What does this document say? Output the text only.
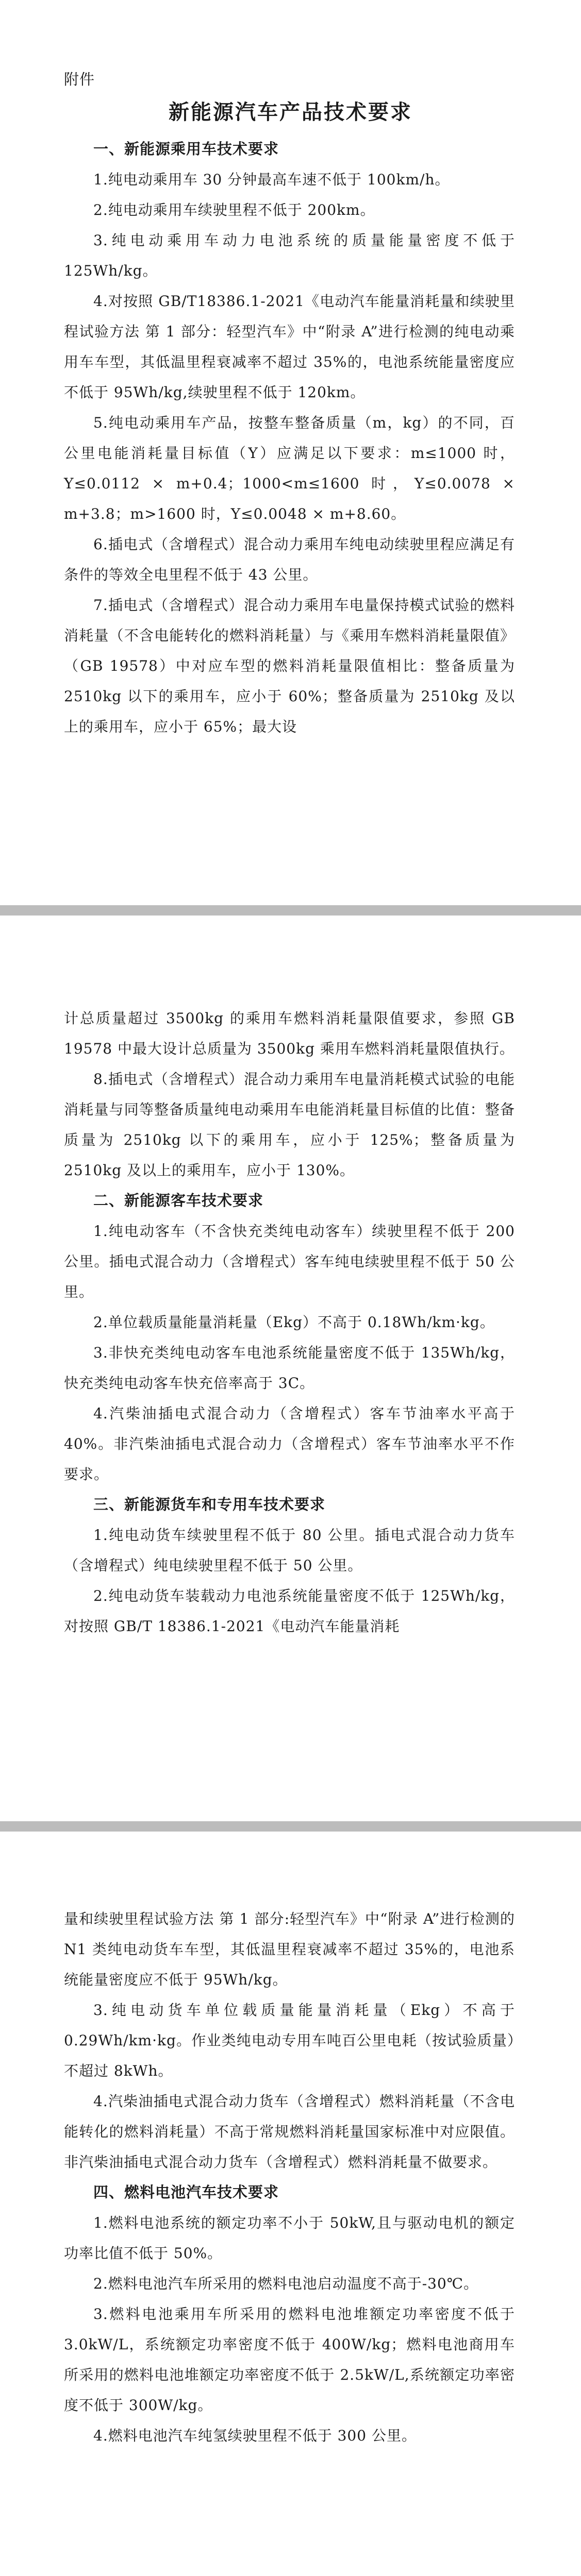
附件
新能源汽车产品技术要求

一、新能源乘用车技术要求

1.纯电动乘用车 30 分钟最高车速不低于 100km/h。

2.纯电动乘用车续驶里程不低于 200km。

3.纯电动乘用车动力电池系统的质量能量密度不低于 125Wh/kg。

4.对按照 GB/T18386.1-2021《电动汽车能量消耗量和续驶里程试验方法 第 1 部分：轻型汽车》中“附录 A”进行检测的纯电动乘用车车型，其低温里程衰减率不超过 35%的，电池系统能量密度应不低于 95Wh/kg,续驶里程不低于 120km。

5.纯电动乘用车产品，按整车整备质量（m，kg）的不同，百公里电能消耗量目标值（Y）应满足以下要求：m≤1000 时，Y≤0.0112 × m+0.4；1000<m≤1600 时，Y≤0.0078 × m+3.8；m>1600 时，Y≤0.0048 × m+8.60。

6.插电式（含增程式）混合动力乘用车纯电动续驶里程应满足有条件的等效全电里程不低于 43 公里。

7.插电式（含增程式）混合动力乘用车电量保持模式试验的燃料消耗量（不含电能转化的燃料消耗量）与《乘用车燃料消耗量限值》（GB 19578）中对应车型的燃料消耗量限值相比：整备质量为 2510kg 以下的乘用车，应小于 60%；整备质量为 2510kg 及以上的乘用车，应小于 65%；最大设

计总质量超过 3500kg 的乘用车燃料消耗量限值要求，参照 GB 19578 中最大设计总质量为 3500kg 乘用车燃料消耗量限值执行。

8.插电式（含增程式）混合动力乘用车电量消耗模式试验的电能消耗量与同等整备质量纯电动乘用车电能消耗量目标值的比值：整备质量为 2510kg 以下的乘用车，应小于 125%；整备质量为 2510kg 及以上的乘用车，应小于 130%。

二、新能源客车技术要求

1.纯电动客车（不含快充类纯电动客车）续驶里程不低于 200 公里。插电式混合动力（含增程式）客车纯电续驶里程不低于 50 公里。

2.单位载质量能量消耗量（Ekg）不高于 0.18Wh/km·kg。

3.非快充类纯电动客车电池系统能量密度不低于 135Wh/kg，快充类纯电动客车快充倍率高于 3C。

4.汽柴油插电式混合动力（含增程式）客车节油率水平高于 40%。非汽柴油插电式混合动力（含增程式）客车节油率水平不作要求。

三、新能源货车和专用车技术要求

1.纯电动货车续驶里程不低于 80 公里。插电式混合动力货车（含增程式）纯电续驶里程不低于 50 公里。

2.纯电动货车装载动力电池系统能量密度不低于 125Wh/kg，对按照 GB/T 18386.1-2021《电动汽车能量消耗

量和续驶里程试验方法 第 1 部分:轻型汽车》中“附录 A”进行检测的 N1 类纯电动货车车型，其低温里程衰减率不超过 35%的，电池系统能量密度应不低于 95Wh/kg。

3.纯电动货车单位载质量能量消耗量（Ekg）不高于 0.29Wh/km·kg。作业类纯电动专用车吨百公里电耗（按试验质量）不超过 8kWh。

4.汽柴油插电式混合动力货车（含增程式）燃料消耗量（不含电能转化的燃料消耗量）不高于常规燃料消耗量国家标准中对应限值。非汽柴油插电式混合动力货车（含增程式）燃料消耗量不做要求。

四、燃料电池汽车技术要求

1.燃料电池系统的额定功率不小于 50kW,且与驱动电机的额定功率比值不低于 50%。

2.燃料电池汽车所采用的燃料电池启动温度不高于-30℃。

3.燃料电池乘用车所采用的燃料电池堆额定功率密度不低于 3.0kW/L，系统额定功率密度不低于 400W/kg；燃料电池商用车所采用的燃料电池堆额定功率密度不低于 2.5kW/L,系统额定功率密度不低于 300W/kg。

4.燃料电池汽车纯氢续驶里程不低于 300 公里。
